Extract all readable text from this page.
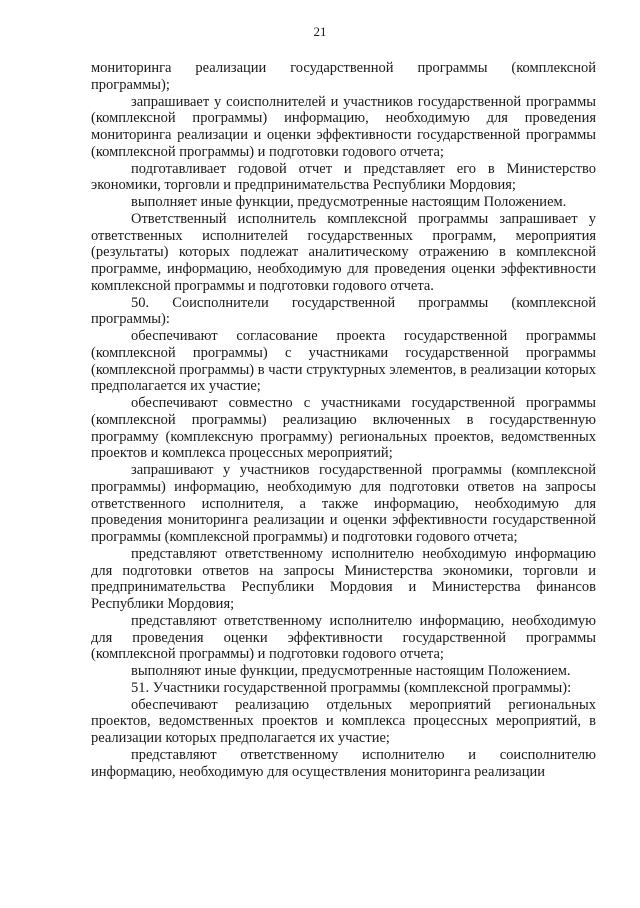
21

мониторинга реализации государственной программы (комплексной программы);

запрашивает у соисполнителей и участников государственной программы (комплексной программы) информацию, необходимую для проведения мониторинга реализации и оценки эффективности государственной программы (комплексной программы) и подготовки годового отчета;

подготавливает годовой отчет и представляет его в Министерство экономики, торговли и предпринимательства Республики Мордовия;

выполняет иные функции, предусмотренные настоящим Положением.

Ответственный исполнитель комплексной программы запрашивает у ответственных исполнителей государственных программ, мероприятия (результаты) которых подлежат аналитическому отражению в комплексной программе, информацию, необходимую для проведения оценки эффективности комплексной программы и подготовки годового отчета.

50. Соисполнители государственной программы (комплексной программы):

обеспечивают согласование проекта государственной программы (комплексной программы) с участниками государственной программы (комплексной программы) в части структурных элементов, в реализации которых предполагается их участие;

обеспечивают совместно с участниками государственной программы (комплексной программы) реализацию включенных в государственную программу (комплексную программу) региональных проектов, ведомственных проектов и комплекса процессных мероприятий;

запрашивают у участников государственной программы (комплексной программы) информацию, необходимую для подготовки ответов на запросы ответственного исполнителя, а также информацию, необходимую для проведения мониторинга реализации и оценки эффективности государственной программы (комплексной программы) и подготовки годового отчета;

представляют ответственному исполнителю необходимую информацию для подготовки ответов на запросы Министерства экономики, торговли и предпринимательства Республики Мордовия и Министерства финансов Республики Мордовия;

представляют ответственному исполнителю информацию, необходимую для проведения оценки эффективности государственной программы (комплексной программы) и подготовки годового отчета;

выполняют иные функции, предусмотренные настоящим Положением.

51. Участники государственной программы (комплексной программы):

обеспечивают реализацию отдельных мероприятий региональных проектов, ведомственных проектов и комплекса процессных мероприятий, в реализации которых предполагается их участие;

представляют ответственному исполнителю и соисполнителю информацию, необходимую для осуществления мониторинга реализации
